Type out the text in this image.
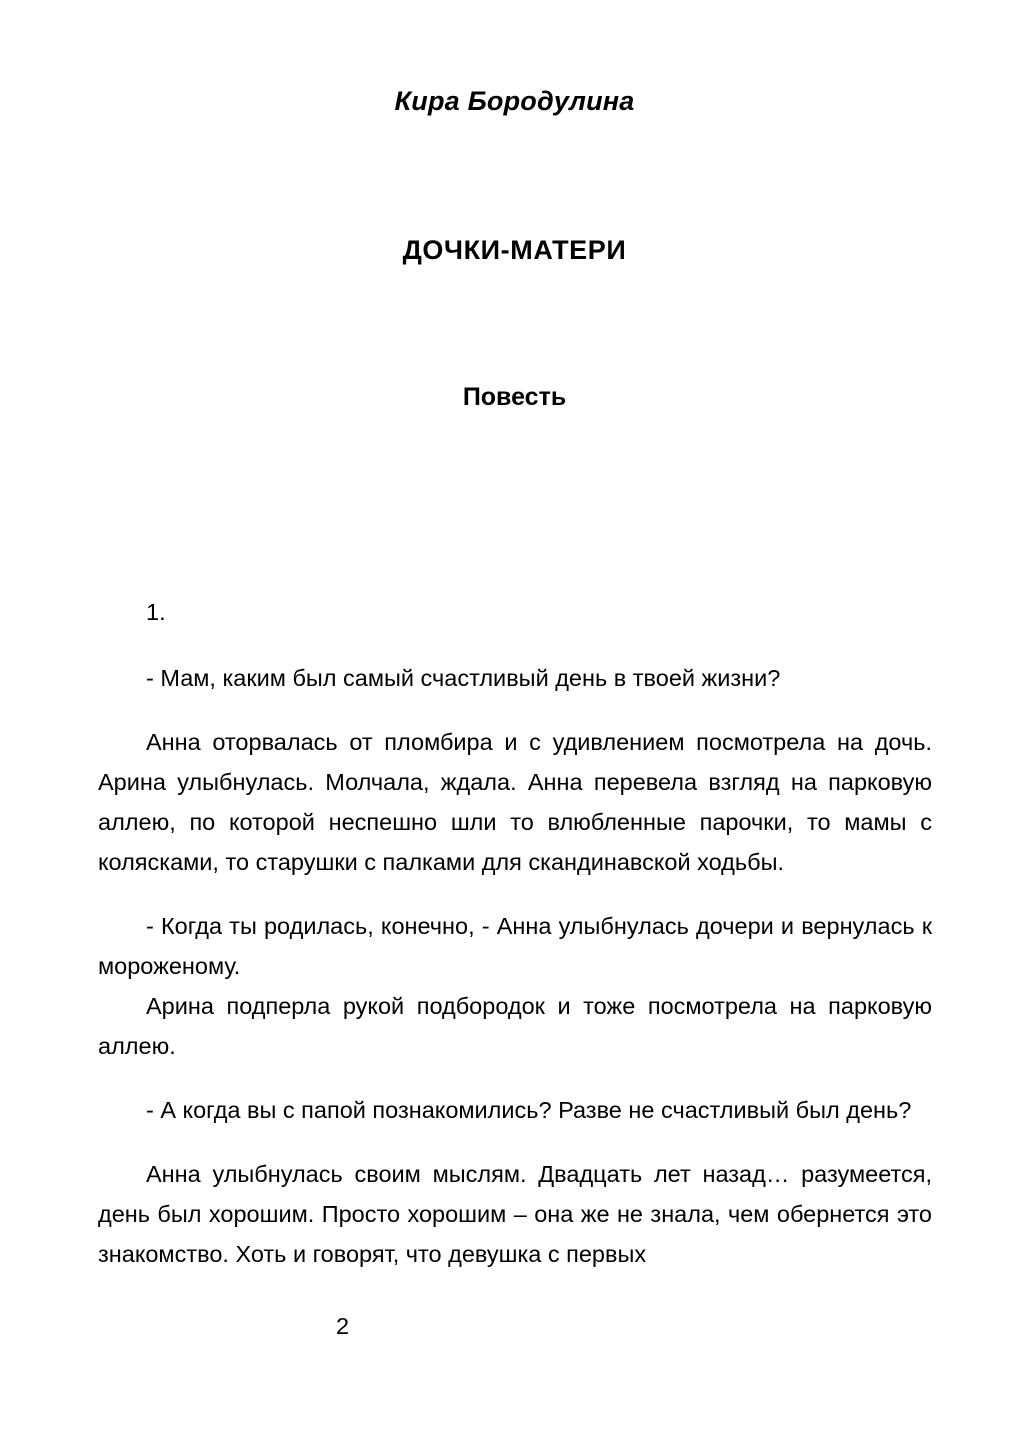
Кира Бородулина
ДОЧКИ-МАТЕРИ
Повесть

1.

- Мам, каким был самый счастливый день в твоей жизни?

Анна оторвалась от пломбира и с удивлением посмотрела на дочь. Арина улыбнулась. Молчала, ждала. Анна перевела взгляд на парковую аллею, по которой неспешно шли то влюбленные парочки, то мамы с колясками, то старушки с палками для скандинавской ходьбы.

- Когда ты родилась, конечно, - Анна улыбнулась дочери и вернулась к мороженому.

Арина подперла рукой подбородок и тоже посмотрела на парковую аллею.

- А когда вы с папой познакомились? Разве не счастливый был день?

Анна улыбнулась своим мыслям. Двадцать лет назад… разумеется, день был хорошим. Просто хорошим – она же не знала, чем обернется это знакомство. Хоть и говорят, что девушка с первых

2
